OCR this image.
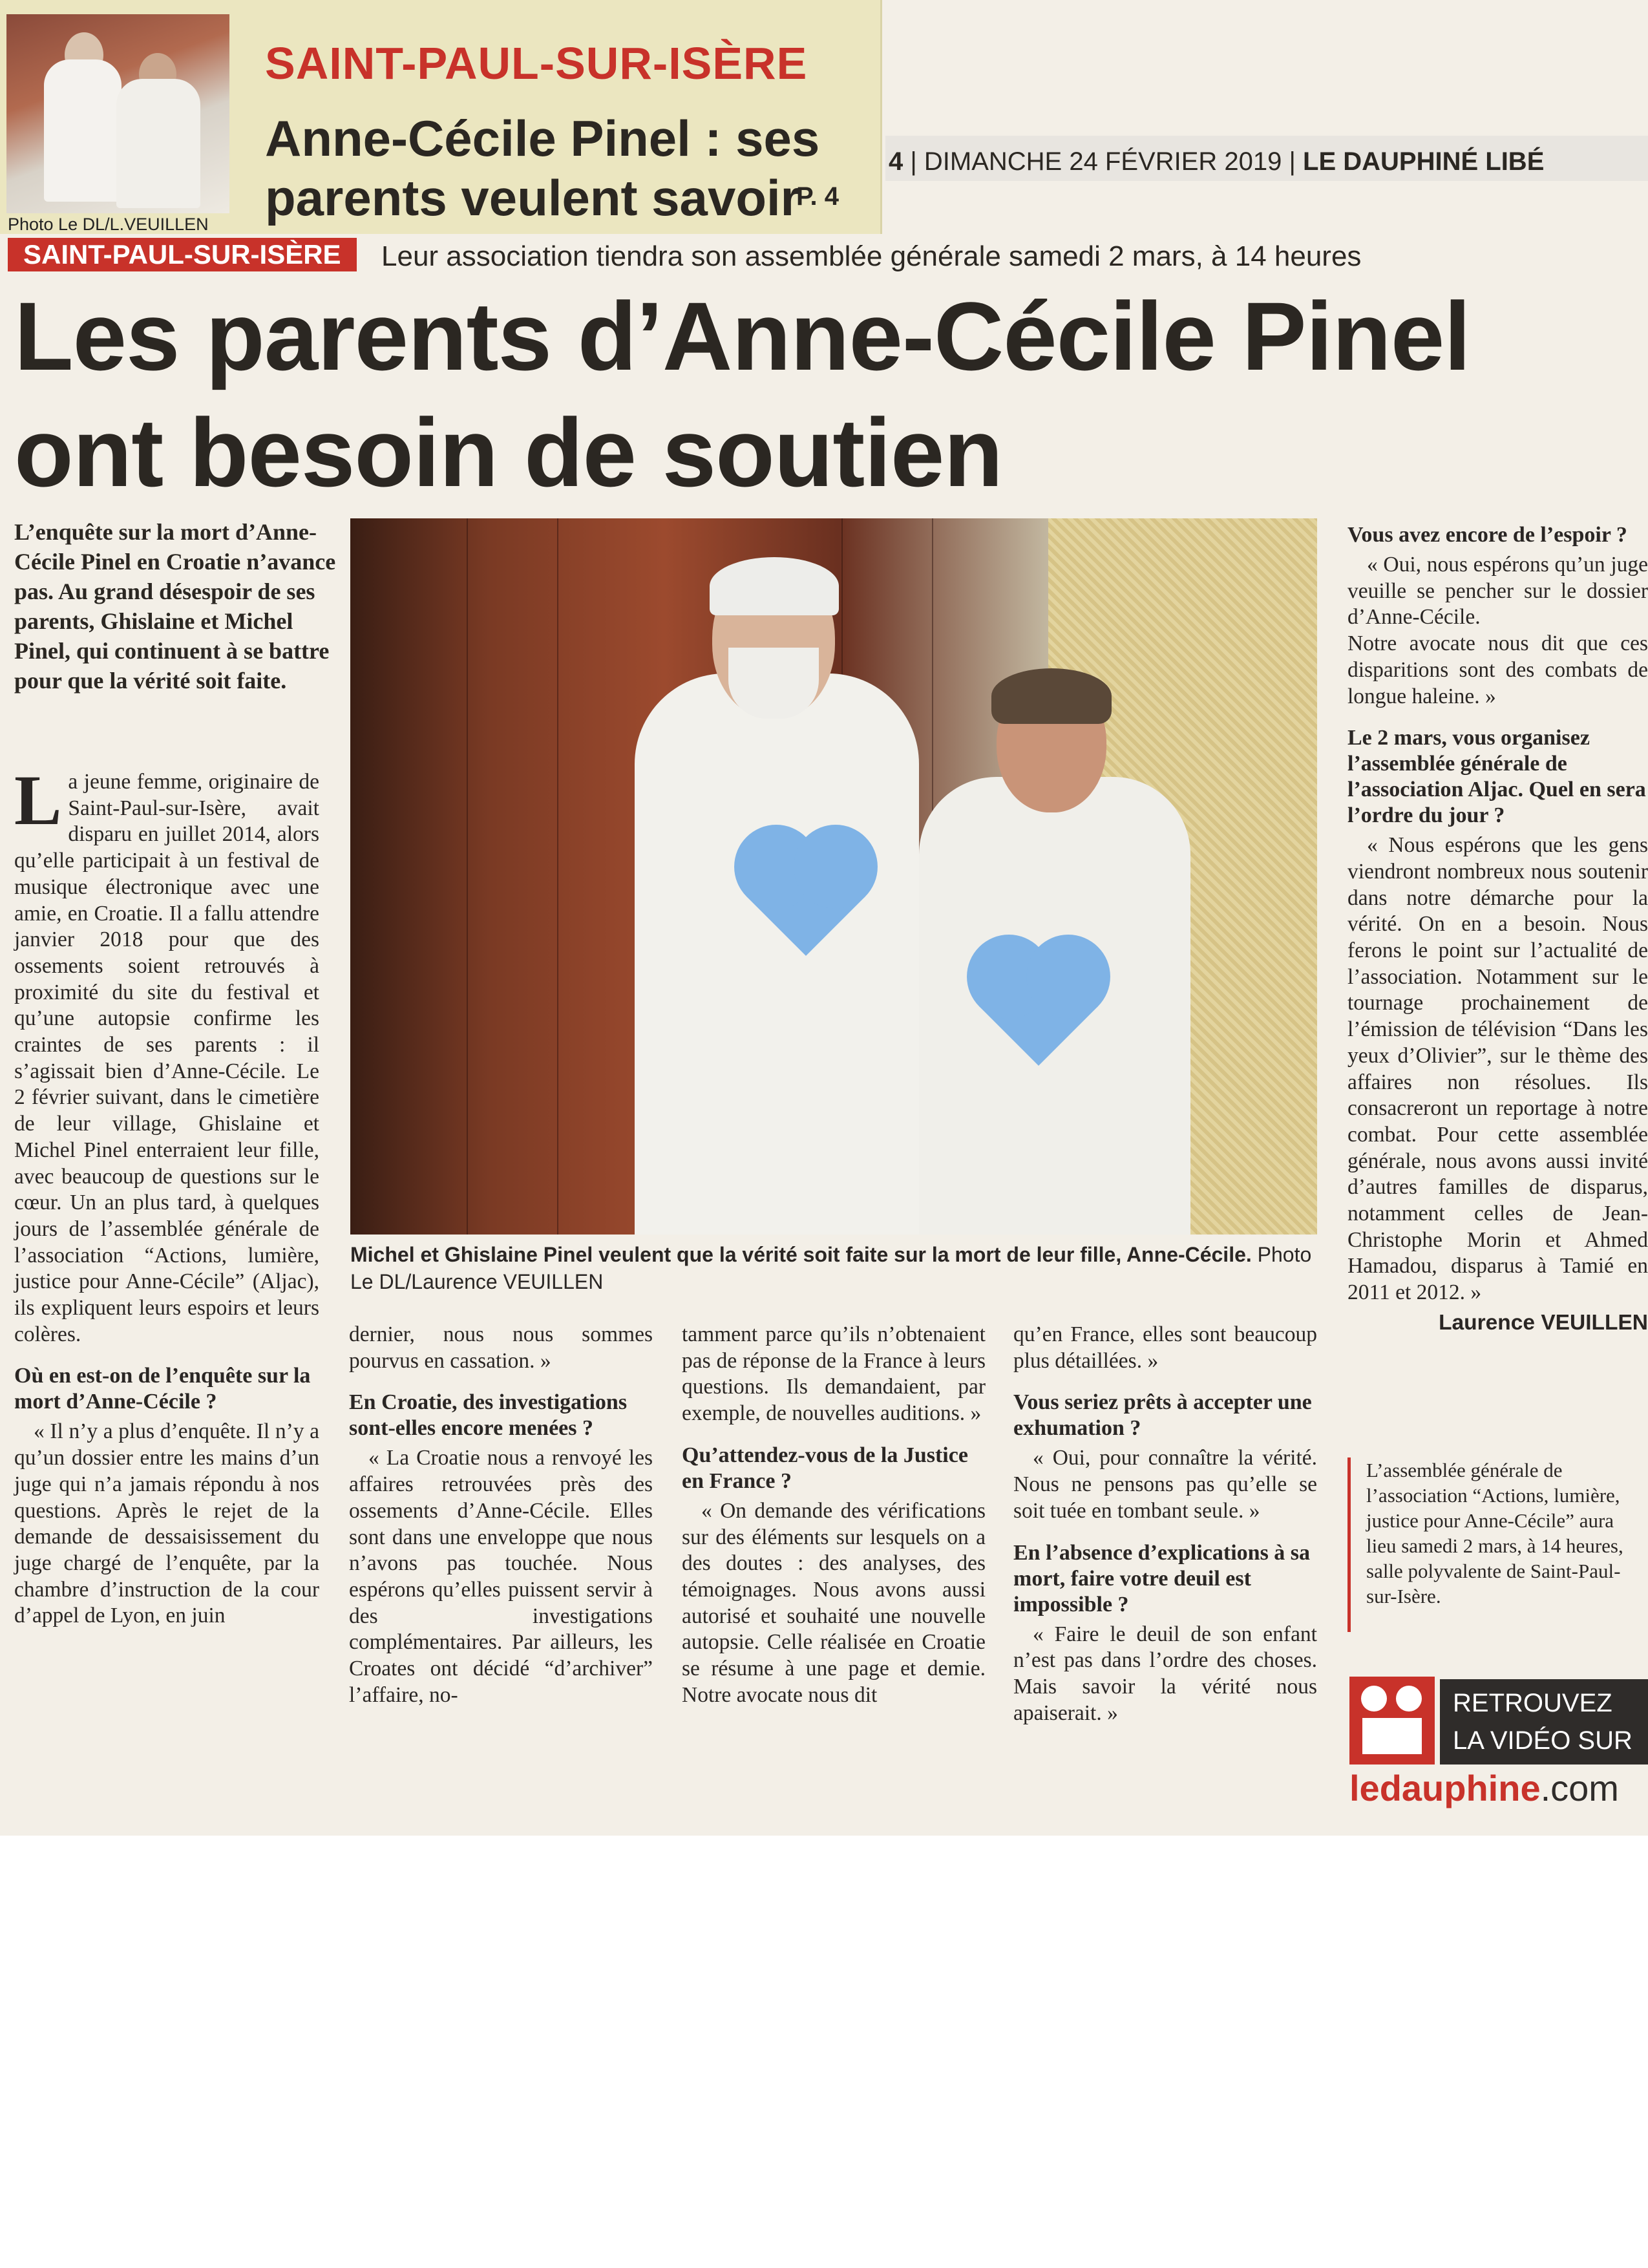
Photo Le DL/L.VEUILLEN
SAINT-PAUL-SUR-ISÈRE
Anne-Cécile Pinel : ses parents veulent savoir
P. 4
4 | DIMANCHE 24 FÉVRIER 2019 | LE DAUPHINÉ LIBÉ
SAINT-PAUL-SUR-ISÈRE	Leur association tiendra son assemblée générale samedi 2 mars, à 14 heures
Les parents d’Anne-Cécile Pinel ont besoin de soutien
L’enquête sur la mort d’Anne-Cécile Pinel en Croatie n’avance pas. Au grand désespoir de ses parents, Ghislaine et Michel Pinel, qui continuent à se battre pour que la vérité soit faite.

La jeune femme, originaire de Saint-Paul-sur-Isère, avait disparu en juillet 2014, alors qu’elle participait à un festival de musique électronique avec une amie, en Croatie. Il a fallu attendre janvier 2018 pour que des ossements soient retrouvés à proximité du site du festival et qu’une autopsie confirme les craintes de ses parents : il s’agissait bien d’Anne-Cécile. Le 2 février suivant, dans le cimetière de leur village, Ghislaine et Michel Pinel enterraient leur fille, avec beaucoup de questions sur le cœur. Un an plus tard, à quelques jours de l’assemblée générale de l’association “Actions, lumière, justice pour Anne-Cécile” (Aljac), ils expliquent leurs espoirs et leurs colères.

Où en est-on de l’enquête sur la mort d’Anne-Cécile ?

« Il n’y a plus d’enquête. Il n’y a qu’un dossier entre les mains d’un juge qui n’a jamais répondu à nos questions. Après le rejet de la demande de dessaisissement du juge chargé de l’enquête, par la chambre d’instruction de la cour d’appel de Lyon, en juin

dernier, nous nous sommes pourvus en cassation. »

En Croatie, des investigations sont-elles encore menées ?

« La Croatie nous a renvoyé les affaires retrouvées près des ossements d’Anne-Cécile. Elles sont dans une enveloppe que nous n’avons pas touchée. Nous espérons qu’elles puissent servir à des investigations complémentaires. Par ailleurs, les Croates ont décidé “d’archiver” l’affaire, no-

tamment parce qu’ils n’obtenaient pas de réponse de la France à leurs questions. Ils demandaient, par exemple, de nouvelles auditions. »

Qu’attendez-vous de la Justice en France ?

« On demande des vérifications sur des éléments sur lesquels on a des doutes : des analyses, des témoignages. Nous avons aussi autorisé et souhaité une nouvelle autopsie. Celle réalisée en Croatie se résume à une page et demie. Notre avocate nous dit

qu’en France, elles sont beaucoup plus détaillées. »

Vous seriez prêts à accepter une exhumation ?

« Oui, pour connaître la vérité. Nous ne pensons pas qu’elle se soit tuée en tombant seule. »

En l’absence d’explications à sa mort, faire votre deuil est impossible ?

« Faire le deuil de son enfant n’est pas dans l’ordre des choses. Mais savoir la vérité nous apaiserait. »

Vous avez encore de l’espoir ?

« Oui, nous espérons qu’un juge veuille se pencher sur le dossier d’Anne-Cécile.

Notre avocate nous dit que ces disparitions sont des combats de longue haleine. »

Le 2 mars, vous organisez l’assemblée générale de l’association Aljac. Quel en sera l’ordre du jour ?

« Nous espérons que les gens viendront nombreux nous soutenir dans notre démarche pour la vérité. On en a besoin. Nous ferons le point sur l’actualité de l’association. Notamment sur le tournage prochainement de l’émission de télévision “Dans les yeux d’Olivier”, sur le thème des affaires non résolues. Ils consacreront un reportage à notre combat. Pour cette assemblée générale, nous avons aussi invité d’autres familles de disparus, notamment celles de Jean-Christophe Morin et Ahmed Hamadou, disparus à Tamié en 2011 et 2012. »

Laurence VEUILLEN
Michel et Ghislaine Pinel veulent que la vérité soit faite sur la mort de leur fille, Anne-Cécile. Photo Le DL/Laurence VEUILLEN
L’assemblée générale de l’association “Actions, lumière, justice pour Anne-Cécile” aura lieu samedi 2 mars, à 14 heures, salle polyvalente de Saint-Paul-sur-Isère.
RETROUVEZ
LA VIDÉO SUR
ledauphine.com
